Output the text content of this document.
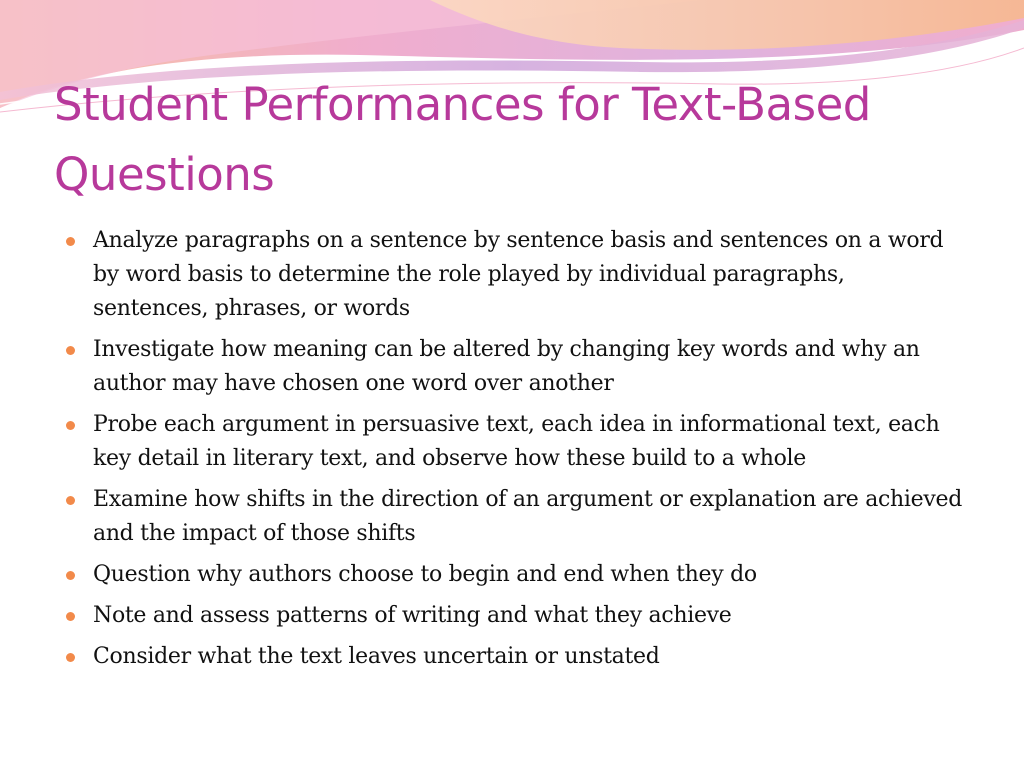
Student Performances for Text-Based Questions
Analyze paragraphs on a sentence by sentence basis and sentences on a word by word basis to determine the role played by individual paragraphs, sentences, phrases, or words
Investigate how meaning can be altered by changing key words and why an author may have chosen one word over another
Probe each argument in persuasive text, each idea in informational text, each key detail in literary text, and observe how these build to a whole
Examine how shifts in the direction of an argument or explanation are achieved and the impact of those shifts
Question why authors choose to begin and end when they do
Note and assess patterns of writing and what they achieve
Consider what the text leaves uncertain or unstated
